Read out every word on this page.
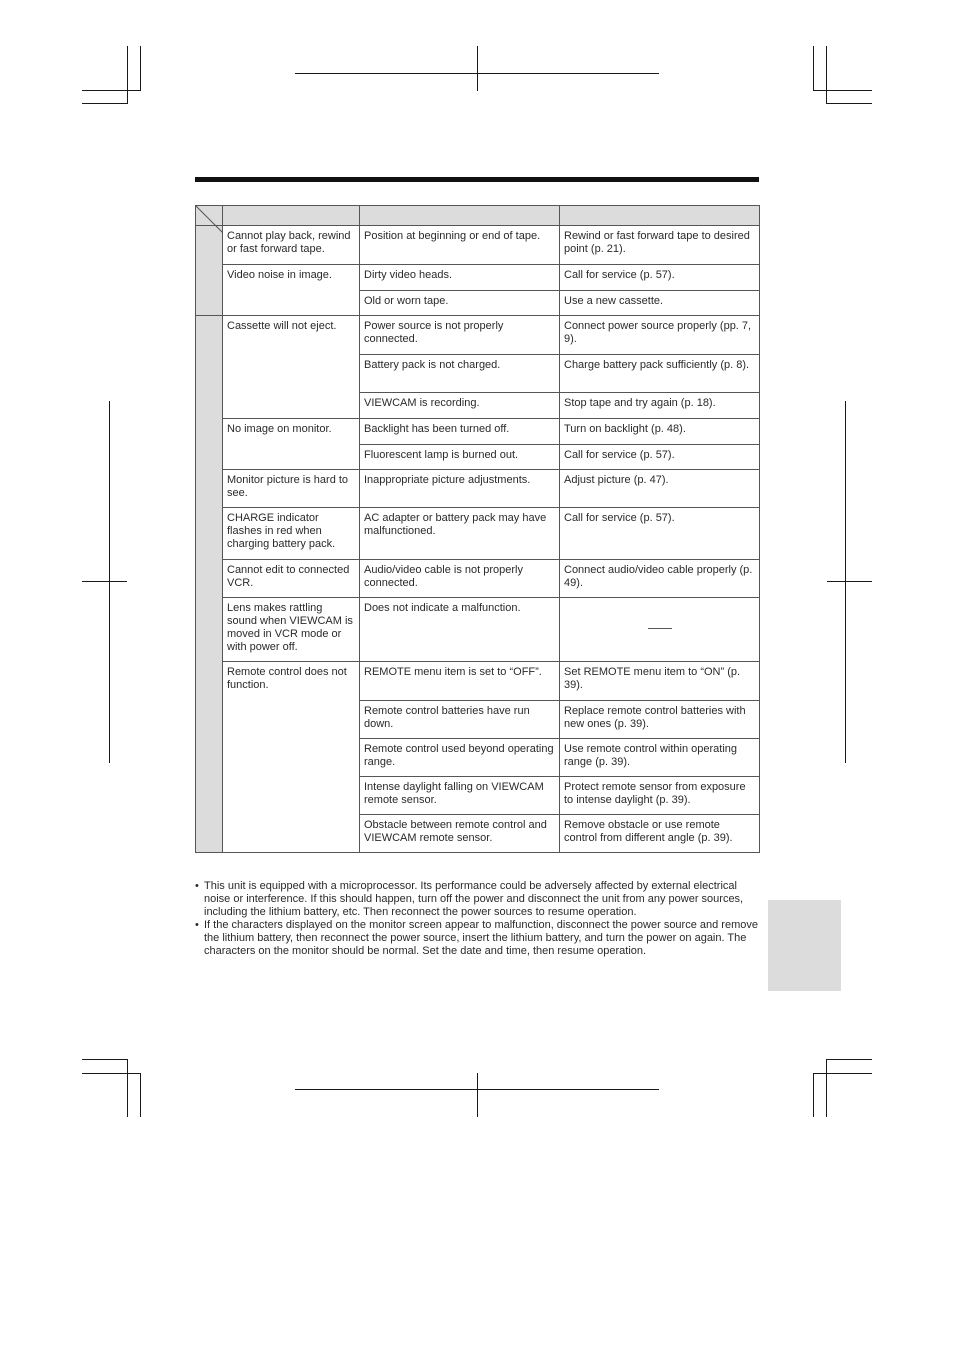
	Cannot play back, rewind or fast forward tape.	Position at beginning or end of tape.	Rewind or fast forward tape to desired point (p. 21).
	Video noise in image.	Dirty video heads.	Call for service (p. 57).
		Old or worn tape.	Use a new cassette.
	Cassette will not eject.	Power source is not properly connected.	Connect power source properly (pp. 7, 9).
		Battery pack is not charged.	Charge battery pack sufficiently (p. 8).
		VIEWCAM is recording.	Stop tape and try again (p. 18).
	No image on monitor.	Backlight has been turned off.	Turn on backlight (p. 48).
		Fluorescent lamp is burned out.	Call for service (p. 57).
	Monitor picture is hard to see.	Inappropriate picture adjustments.	Adjust picture (p. 47).
	CHARGE indicator flashes in red when charging battery pack.	AC adapter or battery pack may have malfunctioned.	Call for service (p. 57).
	Cannot edit to connected VCR.	Audio/video cable is not properly connected.	Connect audio/video cable properly (p. 49).
	Lens makes rattling sound when VIEWCAM is moved in VCR mode or with power off.	Does not indicate a malfunction.	

	Remote control does not function.	REMOTE menu item is set to “OFF”.	Set REMOTE menu item to “ON” (p. 39).
		Remote control batteries have run down.	Replace remote control batteries with new ones (p. 39).
		Remote control used beyond operating range.	Use remote control within operating range (p. 39).
		Intense daylight falling on VIEWCAM remote sensor.	Protect remote sensor from exposure to intense daylight (p. 39).
		Obstacle between remote control and VIEWCAM remote sensor.	Remove obstacle or use remote control from different angle (p. 39).
• This unit is equipped with a microprocessor. Its performance could be adversely affected by external electrical noise or interference. If this should happen, turn off the power and disconnect the unit from any power sources, including the lithium battery, etc. Then reconnect the power sources to resume operation.
• If the characters displayed on the monitor screen appear to malfunction, disconnect the power source and remove the lithium battery, then reconnect the power source, insert the lithium battery, and turn the power on again. The characters on the monitor should be normal. Set the date and time, then resume operation.
